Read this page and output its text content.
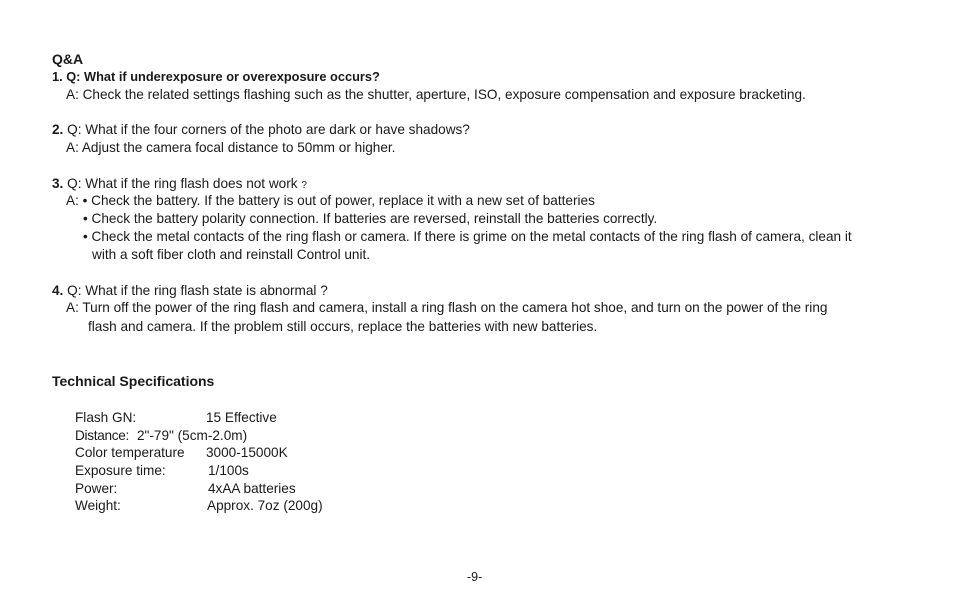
Q&A
1. Q: What if underexposure or overexposure occurs?
A: Check the related settings flashing such as the shutter, aperture, ISO, exposure compensation and exposure bracketing.
2. Q: What if the four corners of the photo are dark or have shadows?
A: Adjust the camera focal distance to 50mm or higher.
3. Q: What if the ring flash does not work ?
A: • Check the battery. If the battery is out of power, replace it with a new set of batteries
• Check the battery polarity connection. If batteries are reversed, reinstall the batteries correctly.
• Check the metal contacts of the ring flash or camera. If there is grime on the metal contacts of the ring flash of camera, clean it
with a soft fiber cloth and reinstall Control unit.
4. Q: What if the ring flash state is abnormal ?
A: Turn off the power of the ring flash and camera, install a ring flash on the camera hot shoe, and turn on the power of the ring
flash and camera. If the problem still occurs, replace the batteries with new batteries.
Technical Specifications
Flash GN:	15 Effective
Distance: 2"-79" (5cm-2.0m)
Color temperature 3000-15000K
Exposure time:	1/100s
Power:	4xAA batteries
Weight:	Approx. 7oz (200g)
-9-
